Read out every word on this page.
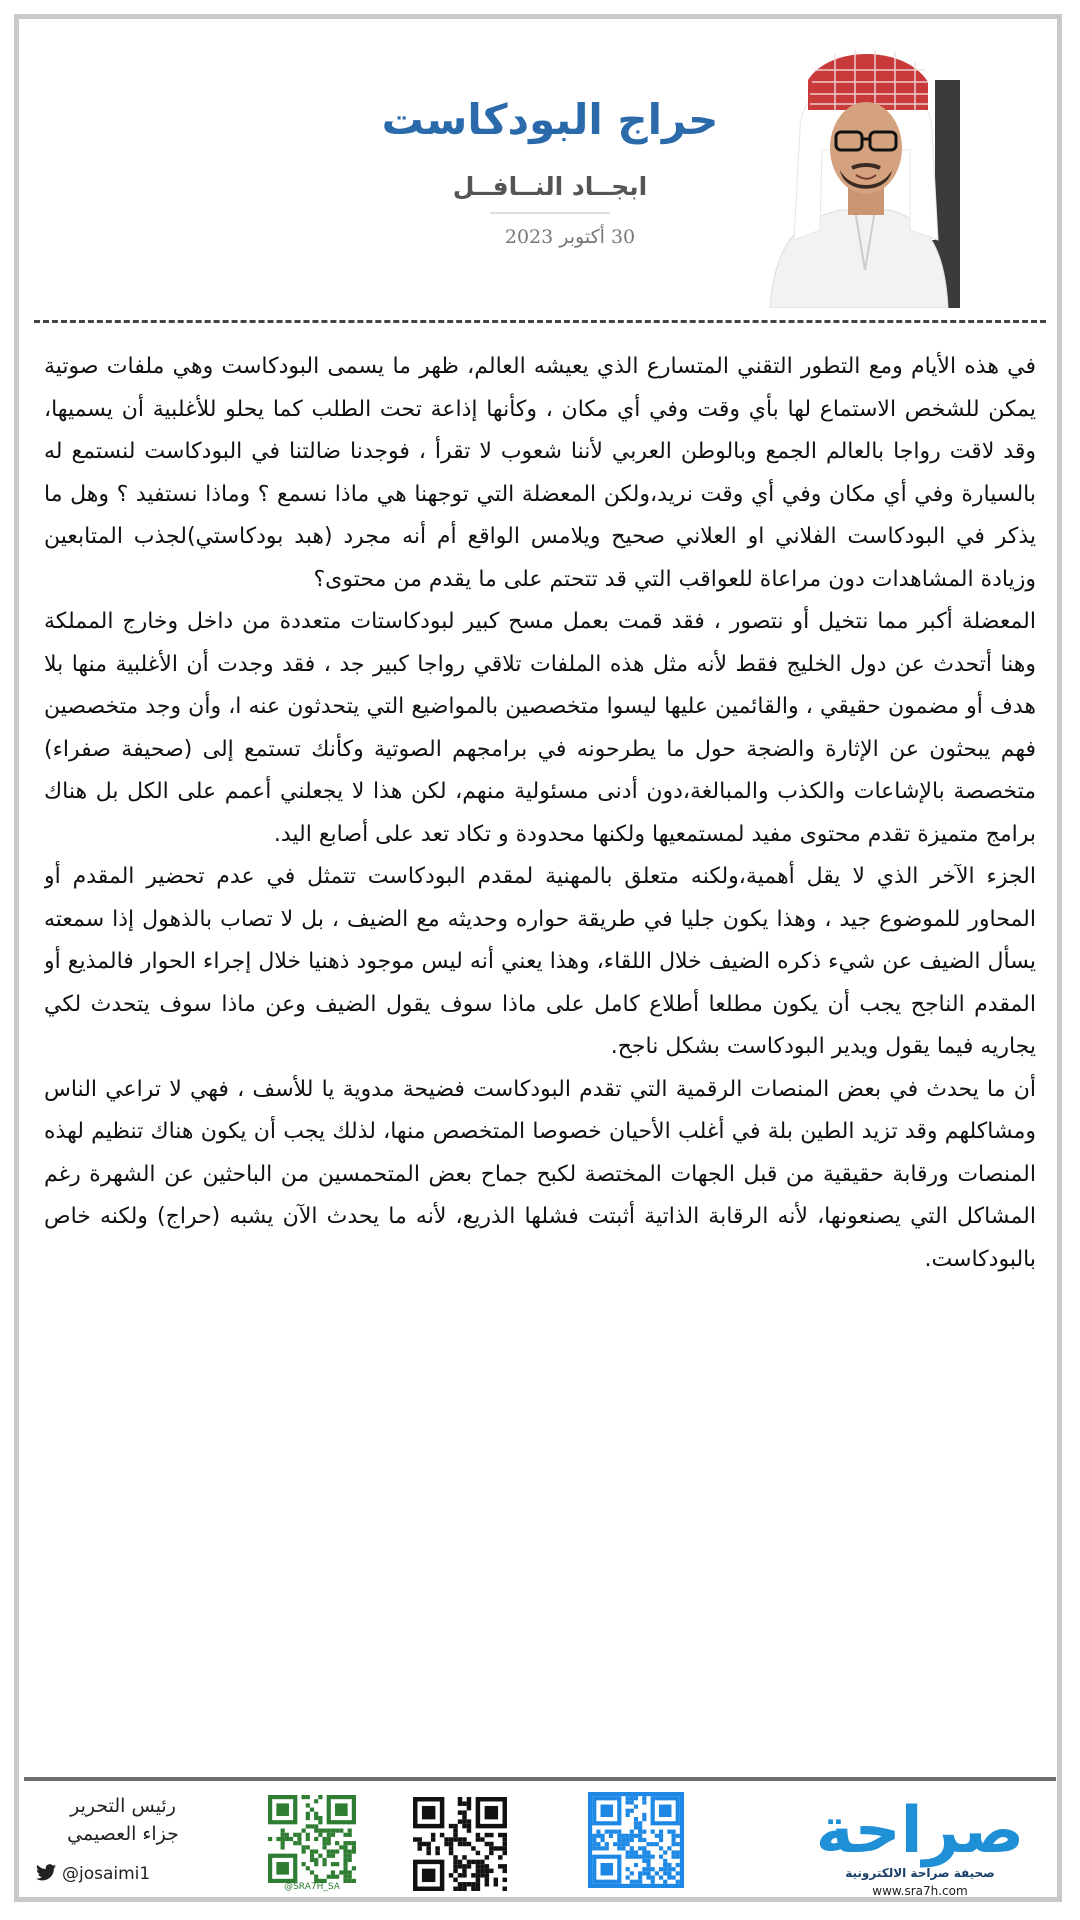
حراج البودكاست
ابجــاد النــافــل
30 أكتوبر 2023

في هذه الأيام ومع التطور التقني المتسارع الذي يعيشه العالم، ظهر ما يسمى البودكاست وهي ملفات صوتية يمكن للشخص الاستماع لها بأي وقت وفي أي مكان ، وكأنها إذاعة تحت الطلب كما يحلو للأغلبية أن يسميها، وقد لاقت رواجا بالعالم الجمع وبالوطن العربي لأننا شعوب لا تقرأ ، فوجدنا ضالتنا في البودكاست لنستمع له بالسيارة وفي أي مكان وفي أي وقت نريد،ولكن المعضلة التي توجهنا هي ماذا نسمع ؟ وماذا نستفيد ؟ وهل ما يذكر في البودكاست الفلاني او العلاني صحيح ويلامس الواقع أم أنه مجرد (هبد بودكاستي)لجذب المتابعين وزيادة المشاهدات دون مراعاة للعواقب التي قد تتحتم على ما يقدم من محتوى؟

المعضلة أكبر مما نتخيل أو نتصور ، فقد قمت بعمل مسح كبير لبودكاستات متعددة من داخل وخارج المملكة وهنا أتحدث عن دول الخليج فقط لأنه مثل هذه الملفات تلاقي رواجا كبير جد ، فقد وجدت أن الأغلبية منها بلا هدف أو مضمون حقيقي ، والقائمين عليها ليسوا متخصصين بالمواضيع التي يتحدثون عنه ا، وأن وجد متخصصين فهم يبحثون عن الإثارة والضجة حول ما يطرحونه في برامجهم الصوتية وكأنك تستمع إلى (صحيفة صفراء) متخصصة بالإشاعات والكذب والمبالغة،دون أدنى مسئولية منهم، لكن هذا لا يجعلني أعمم على الكل بل هناك برامج متميزة تقدم محتوى مفيد لمستمعيها ولكنها محدودة و تكاد تعد على أصابع اليد.

الجزء الآخر الذي لا يقل أهمية،ولكنه متعلق بالمهنية لمقدم البودكاست تتمثل في عدم تحضير المقدم أو المحاور للموضوع جيد ، وهذا يكون جليا في طريقة حواره وحديثه مع الضيف ، بل لا تصاب بالذهول إذا سمعته يسأل الضيف عن شيء ذكره الضيف خلال اللقاء، وهذا يعني أنه ليس موجود ذهنيا خلال إجراء الحوار فالمذيع أو المقدم الناجح يجب أن يكون مطلعا أطلاع كامل على ماذا سوف يقول الضيف وعن ماذا سوف يتحدث لكي يجاريه فيما يقول ويدير البودكاست بشكل ناجح.

أن ما يحدث في بعض المنصات الرقمية التي تقدم البودكاست فضيحة مدوية يا للأسف ، فهي لا تراعي الناس ومشاكلهم وقد تزيد الطين بلة في أغلب الأحيان خصوصا المتخصص منها، لذلك يجب أن يكون هناك تنظيم لهذه المنصات ورقابة حقيقية من قبل الجهات المختصة لكبح جماح بعض المتحمسين من الباحثين عن الشهرة رغم المشاكل التي يصنعونها، لأنه الرقابة الذاتية أثبتت فشلها الذريع، لأنه ما يحدث الآن يشبه (حراج) ولكنه خاص بالبودكاست.

رئيس التحرير
جزاء العصيمي
@josaimi1
@SRA7H_SA
صراحة
صحيفة صراحة الالكترونية
www.sra7h.com
